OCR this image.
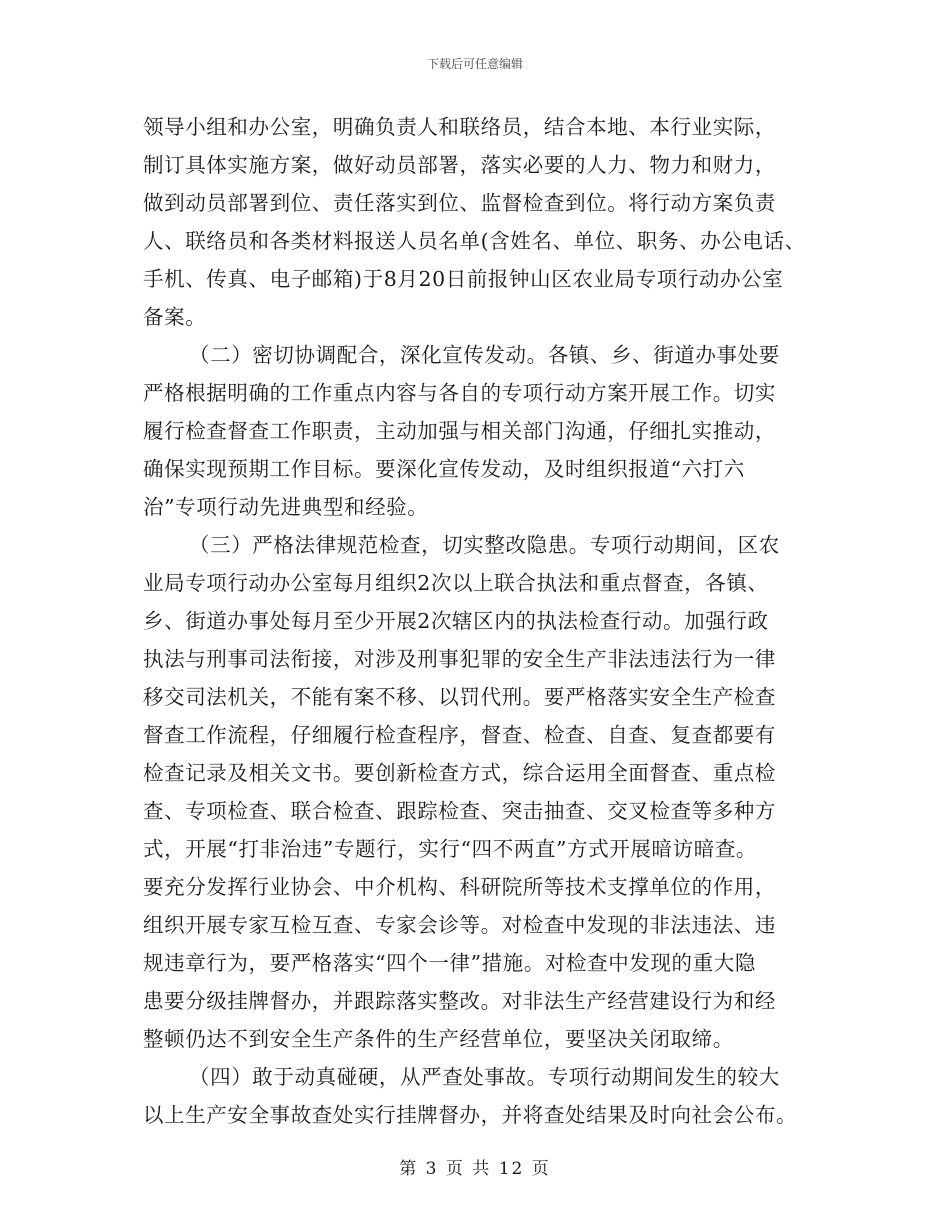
下载后可任意编辑
领导小组和办公室，明确负责人和联络员，结合本地、本行业实际，
制订具体实施方案，做好动员部署，落实必要的人力、物力和财力，
做到动员部署到位、责任落实到位、监督检查到位。将行动方案负责
人、联络员和各类材料报送人员名单(含姓名、单位、职务、办公电话、
手机、传真、电子邮箱)于8月20日前报钟山区农业局专项行动办公室
备案。
（二）密切协调配合，深化宣传发动。各镇、乡、街道办事处要
严格根据明确的工作重点内容与各自的专项行动方案开展工作。切实
履行检查督查工作职责，主动加强与相关部门沟通，仔细扎实推动，
确保实现预期工作目标。要深化宣传发动，及时组织报道“六打六
治”专项行动先进典型和经验。
（三）严格法律规范检查，切实整改隐患。专项行动期间，区农
业局专项行动办公室每月组织2次以上联合执法和重点督查，各镇、
乡、街道办事处每月至少开展2次辖区内的执法检查行动。加强行政
执法与刑事司法衔接，对涉及刑事犯罪的安全生产非法违法行为一律
移交司法机关，不能有案不移、以罚代刑。要严格落实安全生产检查
督查工作流程，仔细履行检查程序，督查、检查、自查、复查都要有
检查记录及相关文书。要创新检查方式，综合运用全面督查、重点检
查、专项检查、联合检查、跟踪检查、突击抽查、交叉检查等多种方
式，开展“打非治违”专题行，实行“四不两直”方式开展暗访暗查。
要充分发挥行业协会、中介机构、科研院所等技术支撑单位的作用，
组织开展专家互检互查、专家会诊等。对检查中发现的非法违法、违
规违章行为，要严格落实“四个一律”措施。对检查中发现的重大隐
患要分级挂牌督办，并跟踪落实整改。对非法生产经营建设行为和经
整顿仍达不到安全生产条件的生产经营单位，要坚决关闭取缔。
（四）敢于动真碰硬，从严查处事故。专项行动期间发生的较大
以上生产安全事故查处实行挂牌督办，并将查处结果及时向社会公布。
第 3 页 共 12 页
